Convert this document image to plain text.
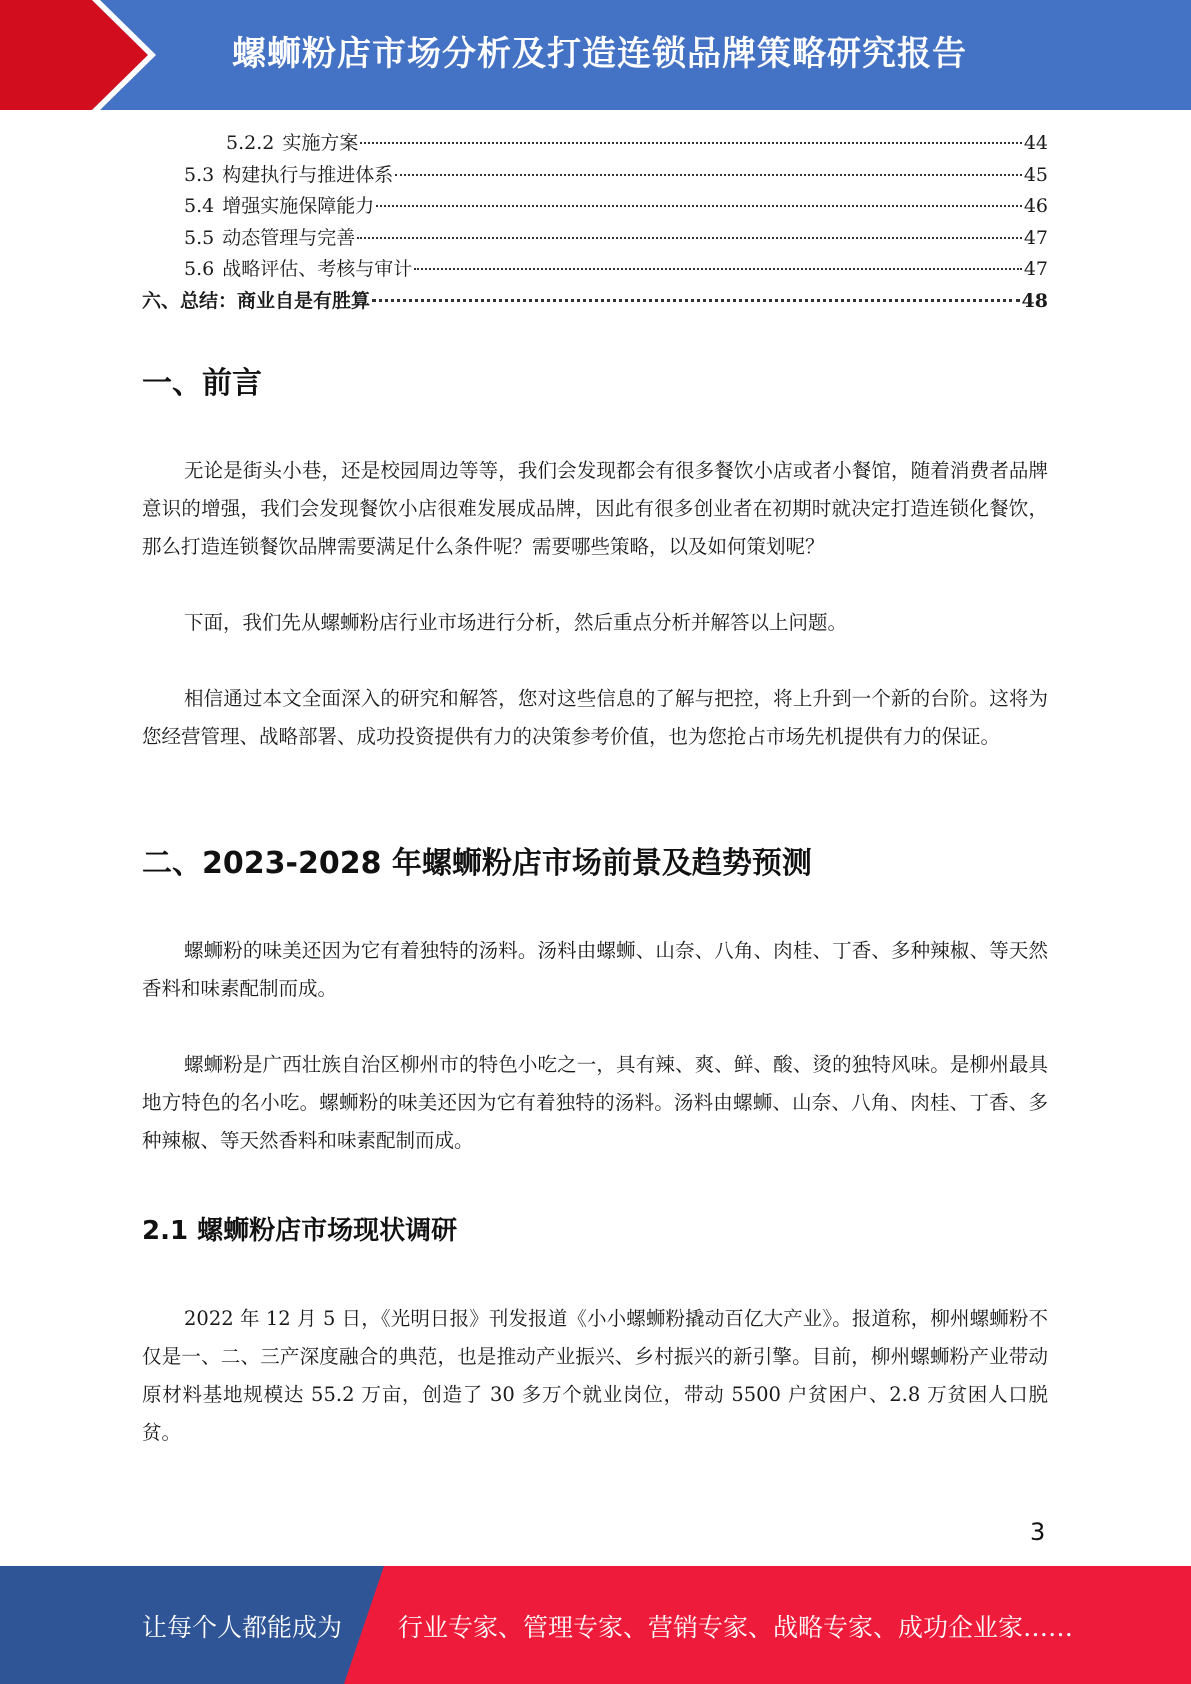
螺蛳粉店市场分析及打造连锁品牌策略研究报告
5.2.2 实施方案	44
5.3 构建执行与推进体系	45
5.4 增强实施保障能力	46
5.5 动态管理与完善	47
5.6 战略评估、考核与审计	47
六、 总结：商业自是有胜算	48
一、前言

无论是街头小巷，还是校园周边等等，我们会发现都会有很多餐饮小店或者小餐馆，随着消费者品牌意识的增强，我们会发现餐饮小店很难发展成品牌，因此有很多创业者在初期时就决定打造连锁化餐饮，那么打造连锁餐饮品牌需要满足什么条件呢？需要哪些策略，以及如何策划呢？

下面，我们先从螺蛳粉店行业市场进行分析，然后重点分析并解答以上问题。

相信通过本文全面深入的研究和解答，您对这些信息的了解与把控，将上升到一个新的台阶。这将为您经营管理、战略部署、成功投资提供有力的决策参考价值，也为您抢占市场先机提供有力的保证。

二、2023-2028 年螺蛳粉店市场前景及趋势预测

螺蛳粉的味美还因为它有着独特的汤料。汤料由螺蛳、山奈、八角、肉桂、丁香、多种辣椒、等天然香料和味素配制而成。

螺蛳粉是广西壮族自治区柳州市的特色小吃之一，具有辣、爽、鲜、酸、烫的独特风味。是柳州最具地方特色的名小吃。螺蛳粉的味美还因为它有着独特的汤料。汤料由螺蛳、山奈、八角、肉桂、丁香、多种辣椒、等天然香料和味素配制而成。

2.1 螺蛳粉店市场现状调研

2022 年 12 月 5 日，《光明日报》刊发报道《小小螺蛳粉撬动百亿大产业》。报道称，柳州螺蛳粉不仅是一、二、三产深度融合的典范，也是推动产业振兴、乡村振兴的新引擎。目前，柳州螺蛳粉产业带动原材料基地规模达 55.2 万亩，创造了 30 多万个就业岗位，带动 5500 户贫困户、2.8 万贫困人口脱贫。

3
让每个人都能成为 行业专家、管理专家、营销专家、战略专家、成功企业家……
